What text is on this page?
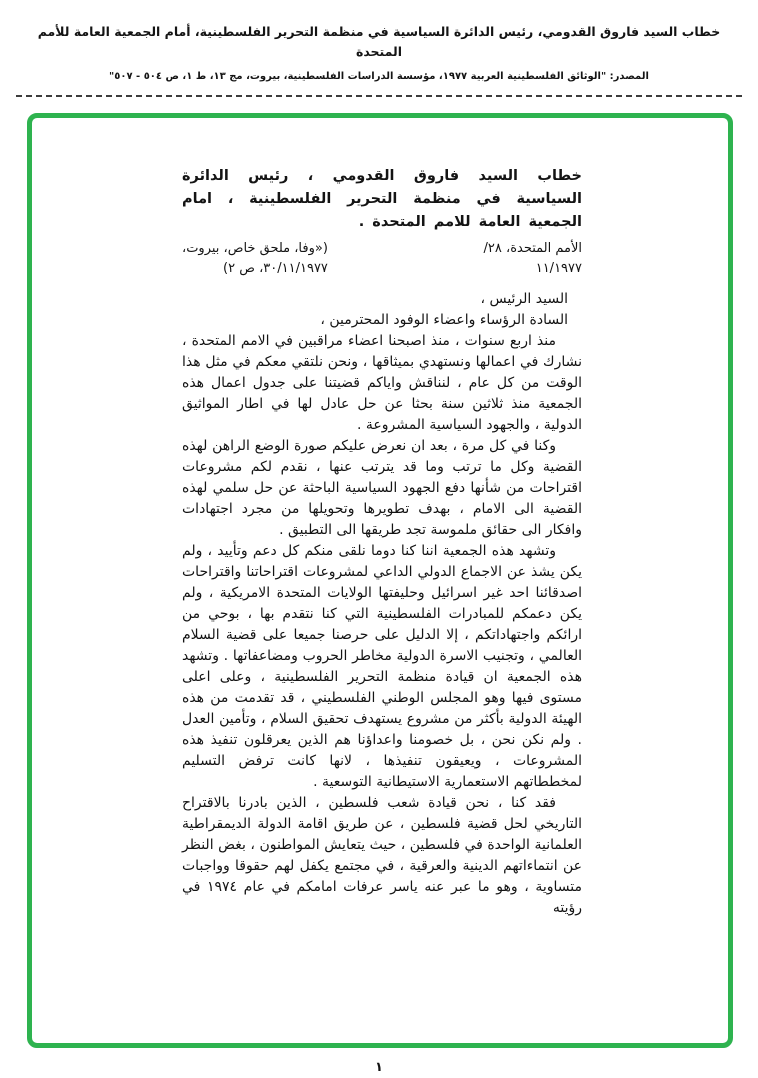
خطاب السيد فاروق القدومي، رئيس الدائرة السياسية في منظمة التحرير الفلسطينية، أمام الجمعية العامة للأمم المتحدة
المصدر: "الوثائق الفلسطينية العربية ١٩٧٧، مؤسسة الدراسات الفلسطينية، بيروت، مج ١٣، ط ١، ص ٥٠٤ - ٥٠٧"
خطاب السيد فاروق القدومي ، رئيس الدائرة السياسية في منظمة التحرير الفلسطينية ، امام الجمعية العامة للامم المتحدة .
الأمم المتحدة، ٢٨/
١١/١٩٧٧
(«وفا، ملحق خاص، بيروت،
٣٠/١١/١٩٧٧، ص ٢)

السيد الرئيس ،

السادة الرؤساء واعضاء الوفود المحترمين ،

منذ اربع سنوات ، منذ اصبحنا اعضاء مراقبين في الامم المتحدة ، نشارك في اعمالها ونستهدي بميثاقها ، ونحن نلتقي معكم في مثل هذا الوقت من كل عام ، لنناقش واياكم قضيتنا على جدول اعمال هذه الجمعية منذ ثلاثين سنة بحثا عن حل عادل لها في اطار المواثيق الدولية ، والجهود السياسية المشروعة .

وكنا في كل مرة ، بعد ان نعرض عليكم صورة الوضع الراهن لهذه القضية وكل ما ترتب وما قد يترتب عنها ، نقدم لكم مشروعات اقتراحات من شأنها دفع الجهود السياسية الباحثة عن حل سلمي لهذه القضية الى الامام ، بهدف تطويرها وتحويلها من مجرد اجتهادات وافكار الى حقائق ملموسة تجد طريقها الى التطبيق .

وتشهد هذه الجمعية اننا كنا دوما نلقى منكم كل دعم وتأييد ، ولم يكن يشذ عن الاجماع الدولي الداعي لمشروعات اقتراحاتنا واقتراحات اصدقائنا احد غير اسرائيل وحليفتها الولايات المتحدة الامريكية ، ولم يكن دعمكم للمبادرات الفلسطينية التي كنا نتقدم بها ، بوحي من ارائكم واجتهاداتكم ، إلا الدليل على حرصنا جميعا على قضية السلام العالمي ، وتجنيب الاسرة الدولية مخاطر الحروب ومضاعفاتها . وتشهد هذه الجمعية ان قيادة منظمة التحرير الفلسطينية ، وعلى اعلى مستوى فيها وهو المجلس الوطني الفلسطيني ، قد تقدمت من هذه الهيئة الدولية بأكثر من مشروع يستهدف تحقيق السلام ، وتأمين العدل . ولم نكن نحن ، بل خصومنا واعداؤنا هم الذين يعرقلون تنفيذ هذه المشروعات ، ويعيقون تنفيذها ، لانها كانت ترفض التسليم لمخططاتهم الاستعمارية الاستيطانية التوسعية .

فقد كنا ، نحن قيادة شعب فلسطين ، الذين بادرنا بالاقتراح التاريخي لحل قضية فلسطين ، عن طريق اقامة الدولة الديمقراطية العلمانية الواحدة في فلسطين ، حيث يتعايش المواطنون ، بغض النظر عن انتماءاتهم الدينية والعرقية ، في مجتمع يكفل لهم حقوقا وواجبات متساوية ، وهو ما عبر عنه ياسر عرفات امامكم في عام ١٩٧٤ في رؤيته

١
